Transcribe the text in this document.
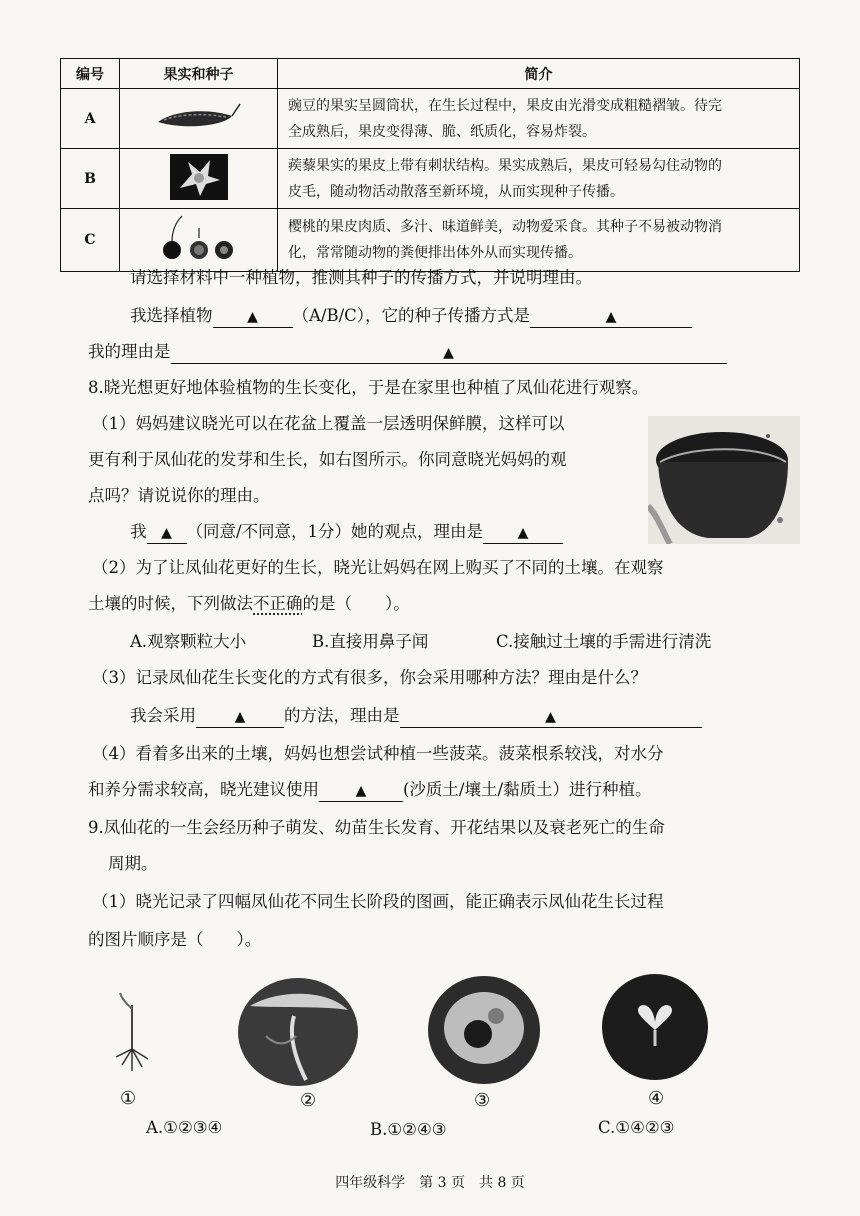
编号	果实和种子	简介
A		豌豆的果实呈圆筒状，在生长过程中，果皮由光滑变成粗糙褶皱。待完
全成熟后，果皮变得薄、脆、纸质化，容易炸裂。

B		蒺藜果实的果皮上带有刺状结构。果实成熟后，果皮可轻易勾住动物的
皮毛，随动物活动散落至新环境，从而实现种子传播。

C		樱桃的果皮肉质、多汁、味道鲜美，动物爱采食。其种子不易被动物消
化，常常随动物的粪便排出体外从而实现传播。
请选择材料中一种植物，推测其种子的传播方式，并说明理由。
我选择植物 ▲ （A/B/C），它的种子传播方式是	▲
我的理由是	▲
8.晓光想更好地体验植物的生长变化，于是在家里也种植了凤仙花进行观察。
（1）妈妈建议晓光可以在花盆上覆盖一层透明保鲜膜，这样可以
更有利于凤仙花的发芽和生长，如右图所示。你同意晓光妈妈的观
点吗？请说说你的理由。
我 ▲ （同意/不同意，1分）她的观点，理由是 ▲
（2）为了让凤仙花更好的生长，晓光让妈妈在网上购买了不同的土壤。在观察
土壤的时候，下列做法不正确的是（　　）。
A.观察颗粒大小	B.直接用鼻子闻	C.接触过土壤的手需进行清洗
（3）记录凤仙花生长变化的方式有很多，你会采用哪种方法？理由是什么？
我会采用	▲ 的方法，理由是	▲
（4）看着多出来的土壤，妈妈也想尝试种植一些菠菜。菠菜根系较浅，对水分
和养分需求较高，晓光建议使用	▲ (沙质土/壤土/黏质土）进行种植。
9.凤仙花的一生会经历种子萌发、幼苗生长发育、开花结果以及衰老死亡的生命
周期。
（1）晓光记录了四幅凤仙花不同生长阶段的图画，能正确表示凤仙花生长过程
的图片顺序是（　　）。
①	②	③	④
A.①②③④	B.①②④③	C.①④②③
四年级科学　第 3 页　共 8 页
